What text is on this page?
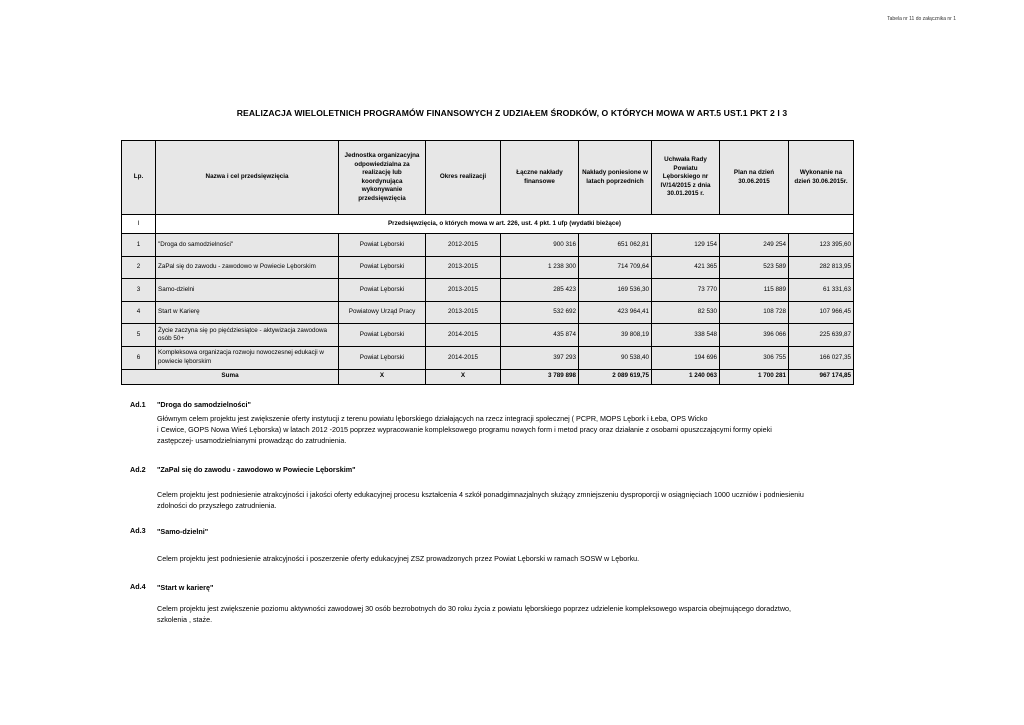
Tabela nr 11 do załącznika nr 1
REALIZACJA WIELOLETNICH PROGRAMÓW FINANSOWYCH Z UDZIAŁEM ŚRODKÓW, O KTÓRYCH MOWA W ART.5 UST.1 PKT 2 I 3
Lp.	Nazwa i cel przedsięwzięcia	Jednostka organizacyjna odpowiedzialna za realizację lub koordynująca wykonywanie przedsięwzięcia	Okres realizacji	Łączne nakłady finansowe	Nakłady poniesione w latach poprzednich	Uchwała Rady Powiatu Lęborskiego nr IV/14/2015 z dnia 30.01.2015 r.	Plan na dzień 30.06.2015	Wykonanie na dzień 30.06.2015r.
I	Przedsięwzięcia, o których mowa w art. 226, ust. 4 pkt. 1 ufp (wydatki bieżące)							
1	"Droga do samodzielności"	Powiat Lęborski	2012-2015	900 316	651 062,81	129 154	249 254	123 395,60
2	ZaPal się do zawodu - zawodowo w Powiecie Lęborskim	Powiat Lęborski	2013-2015	1 238 300	714 709,64	421 365	523 589	282 813,95
3	Samo-dzielni	Powiat Lęborski	2013-2015	285 423	169 536,30	73 770	115 889	61 331,63
4	Start w Karierę	Powiatowy Urząd Pracy	2013-2015	532 692	423 964,41	82 530	108 728	107 966,45
5	Życie zaczyna się po pięćdziesiątce - aktywizacja zawodowa osób 50+	Powiat Lęborski	2014-2015	435 874	39 808,19	338 548	396 066	225 639,87
6	Kompleksowa organizacja rozwoju nowoczesnej edukacji w powiecie lęborskim	Powiat Lęborski	2014-2015	397 293	90 538,40	194 696	306 755	166 027,35
Suma		X	X	3 789 898	2 089 619,75	1 240 063	1 700 281	967 174,85
Ad.1 "Droga do samodzielności"
Głównym celem projektu jest zwiększenie oferty instytucji z terenu powiatu lęborskiego działających na rzecz integracji społecznej ( PCPR, MOPS Lębork i Łeba, OPS Wicko
i Cewice, GOPS Nowa Wieś Lęborska) w latach 2012 -2015 poprzez wypracowanie kompleksowego programu nowych form i metod pracy oraz działanie z osobami opuszczającymi formy opieki
zastępczej- usamodzielnianymi prowadząc do zatrudnienia.
Ad.2 "ZaPal się do zawodu - zawodowo w Powiecie Lęborskim"
Celem projektu jest podniesienie atrakcyjności i jakości oferty edukacyjnej procesu kształcenia 4 szkół ponadgimnazjalnych służący zmniejszeniu dysproporcji w osiągnięciach 1000 uczniów i podniesieniu
zdolności do przyszłego zatrudnienia.
Ad.3 "Samo-dzielni"
Celem projektu jest podniesienie atrakcyjności i poszerzenie oferty edukacyjnej ZSZ prowadzonych przez Powiat Lęborski w ramach SOSW w Lęborku.
Ad.4 "Start w karierę"
Celem projektu jest zwiększenie poziomu aktywności zawodowej 30 osób bezrobotnych do 30 roku życia z powiatu lęborskiego poprzez udzielenie kompleksowego wsparcia obejmującego doradztwo,
szkolenia , staże.
